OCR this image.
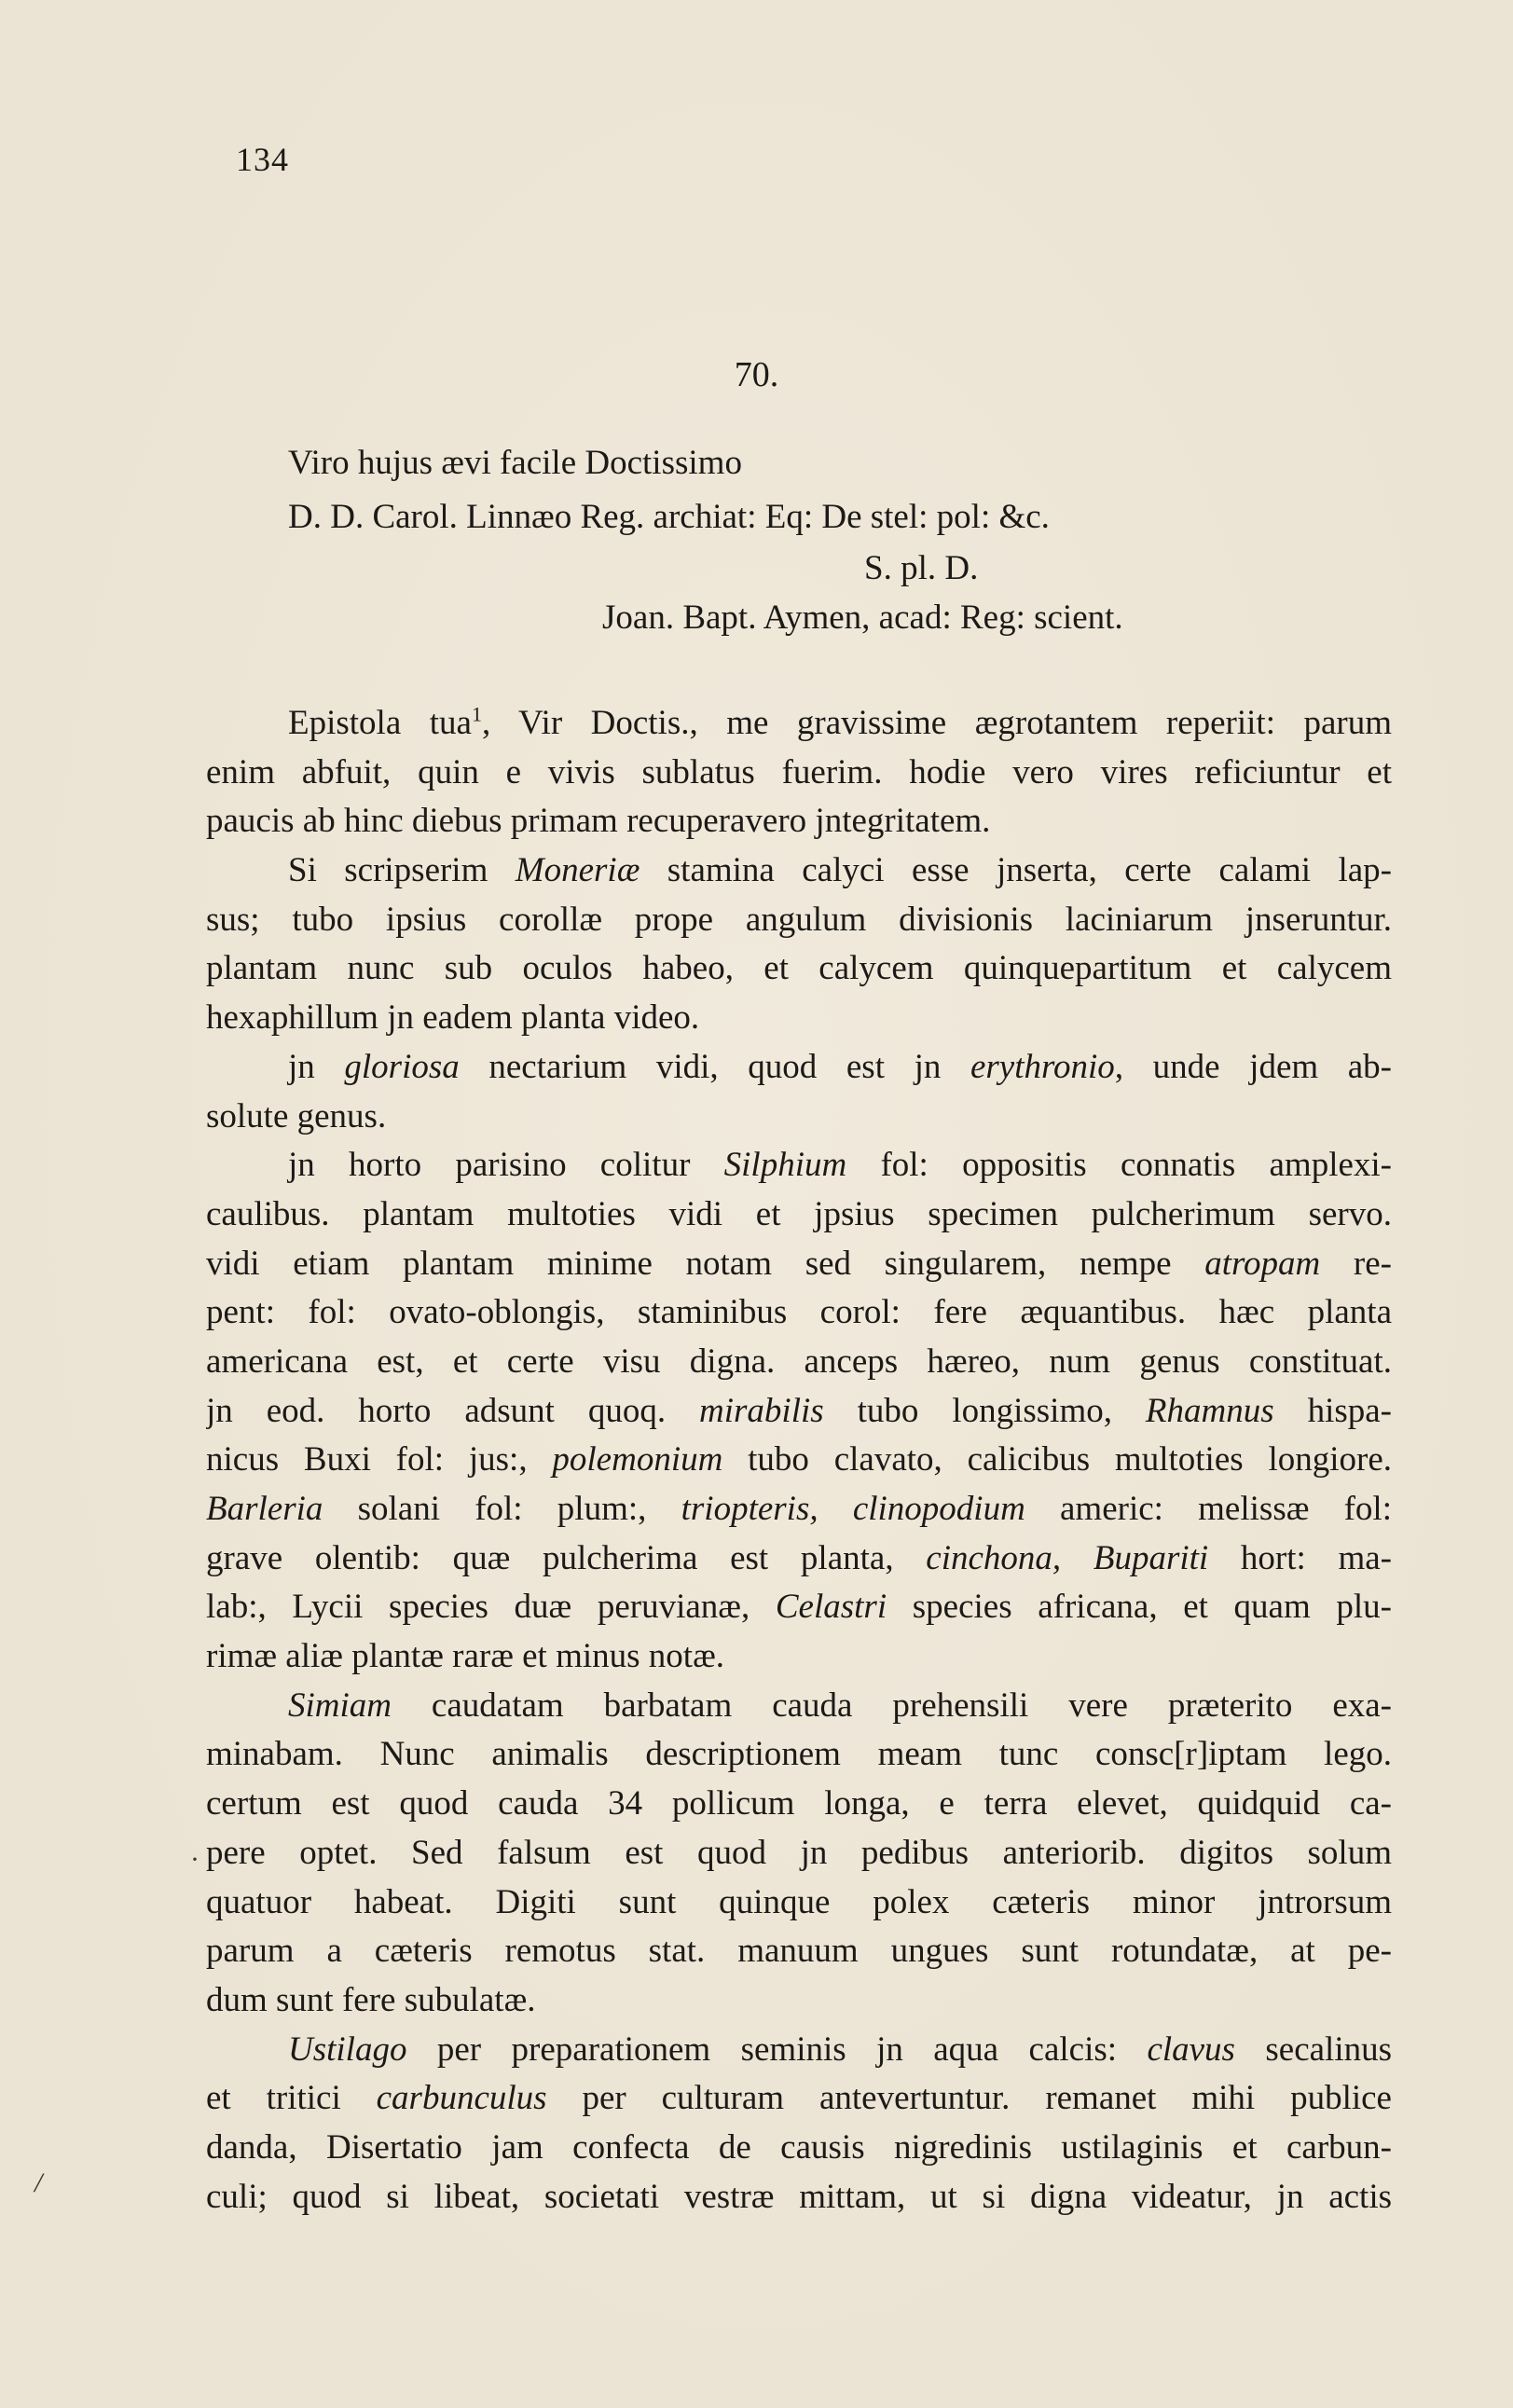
134
70.
Viro hujus ævi facile Doctissimo
D. D. Carol. Linnæo Reg. archiat: Eq: De stel: pol: &c.
S. pl. D.
Joan. Bapt. Aymen, acad: Reg: scient.
Epistola tua$^1$, Vir Doctis., me gravissime ægrotantem reperiit: parum
enim abfuit, quin e vivis sublatus fuerim. hodie vero vires reficiuntur et
paucis ab hinc diebus primam recuperavero jntegritatem.
Si scripserim Moneriæ stamina calyci esse jnserta, certe calami lap-
sus; tubo ipsius corollæ prope angulum divisionis laciniarum jnseruntur.
plantam nunc sub oculos habeo, et calycem quinquepartitum et calycem
hexaphillum jn eadem planta video.
jn gloriosa nectarium vidi, quod est jn erythronio, unde jdem ab-
solute genus.
jn horto parisino colitur Silphium fol: oppositis connatis amplexi-
caulibus. plantam multoties vidi et jpsius specimen pulcherimum servo.
vidi etiam plantam minime notam sed singularem, nempe atropam re-
pent: fol: ovato-oblongis, staminibus corol: fere æquantibus. hæc planta
americana est, et certe visu digna. anceps hæreo, num genus constituat.
jn eod. horto adsunt quoq. mirabilis tubo longissimo, Rhamnus hispa-
nicus Buxi fol: jus:, polemonium tubo clavato, calicibus multoties longiore.
Barleria solani fol: plum:, triopteris, clinopodium americ: melissæ fol:
grave olentib: quæ pulcherima est planta, cinchona, Bupariti hort: ma-
lab:, Lycii species duæ peruvianæ, Celastri species africana, et quam plu-
rimæ aliæ plantæ raræ et minus notæ.
Simiam caudatam barbatam cauda prehensili vere præterito exa-
minabam. Nunc animalis descriptionem meam tunc consc[r]iptam lego.
certum est quod cauda 34 pollicum longa, e terra elevet, quidquid ca-
pere optet. Sed falsum est quod jn pedibus anteriorib. digitos solum
quatuor habeat. Digiti sunt quinque polex cæteris minor jntrorsum
parum a cæteris remotus stat. manuum ungues sunt rotundatæ, at pe-
dum sunt fere subulatæ.
Ustilago per preparationem seminis jn aqua calcis: clavus secalinus
et tritici carbunculus per culturam antevertuntur. remanet mihi publice
danda, Disertatio jam confecta de causis nigredinis ustilaginis et carbun-
culi; quod si libeat, societati vestræ mittam, ut si digna videatur, jn actis
·
/
